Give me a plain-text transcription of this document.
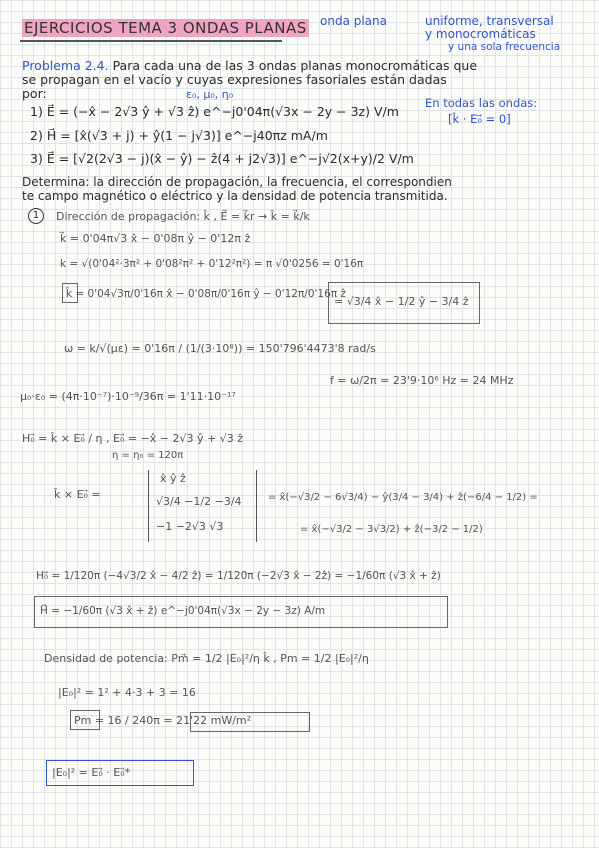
EJERCICIOS TEMA 3 ONDAS PLANAS onda plana	uniforme, transversal
y monocromáticas
y una sola frecuencia
Problema 2.4. Para cada una de las 3 ondas planas monocromáticas que
se propagan en el vacío y cuyas expresiones fasoriales están dadas
por:	ε₀, μ₀, η₀
1) E⃗ = (−x̂ − 2√3 ŷ + √3 ẑ) e^−j0'04π(√3x − 2y − 3z) V/m
En todas las ondas:
[k̂ · E₀⃗ = 0]
2) H⃗ = [x̂(√3 + j) + ŷ(1 − j√3)] e^−j40πz mA/m
3) E⃗ = [√2(2√3 − j)(x̂ − ŷ) − ẑ(4 + j2√3)] e^−j√2(x+y)/2 V/m
Determina: la dirección de propagación, la frecuencia, el correspondien
te campo magnético o eléctrico y la densidad de potencia transmitida.
1	Dirección de propagación: k̂ , E⃗ = k⃗r → k̂ = k⃗/k
k⃗ = 0'04π√3 x̂ − 0'08π ŷ − 0'12π ẑ
k = √(0'04²·3π² + 0'08²π² + 0'12²π²) = π √0'0256 = 0'16π
k̂ = 0'04√3π/0'16π x̂ − 0'08π/0'16π ŷ − 0'12π/0'16π ẑ
= √3/4 x̂ − 1/2 ŷ − 3/4 ẑ
ω = k/√(με) = 0'16π / (1/(3·10⁸)) = 150'796'4473'8 rad/s
μ₀·ε₀ = (4π·10⁻⁷)·10⁻⁹/36π = 1'11·10⁻¹⁷
f = ω/2π = 23'9·10⁶ Hz = 24 MHz
H₀⃗ = k̂ × E₀⃗ / η , E₀⃗ = −x̂ − 2√3 ŷ + √3 ẑ
η = η₀ = 120π
k̂ × E₀⃗ =
x̂ ŷ ẑ
√3/4 −1/2 −3/4
−1 −2√3 √3
= x̂(−√3/2 − 6√3/4) − ŷ(3/4 − 3/4) + ẑ(−6/4 − 1/2) =
= x̂(−√3/2 − 3√3/2) + ẑ(−3/2 − 1/2)
H₀⃗ = 1/120π (−4√3/2 x̂ − 4/2 ẑ) = 1/120π (−2√3 x̂ − 2ẑ) = −1/60π (√3 x̂ + ẑ)
H⃗ = −1/60π (√3 x̂ + ẑ) e^−j0'04π(√3x − 2y − 3z) A/m
Densidad de potencia: Pm⃗ = 1/2 |E₀|²/η k̂ , Pm = 1/2 |E₀|²/η
|E₀|² = 1² + 4·3 + 3 = 16
Pm = 16 / 240π = 21'22 mW/m²
|E₀|² = E₀⃗ · E₀⃗*
